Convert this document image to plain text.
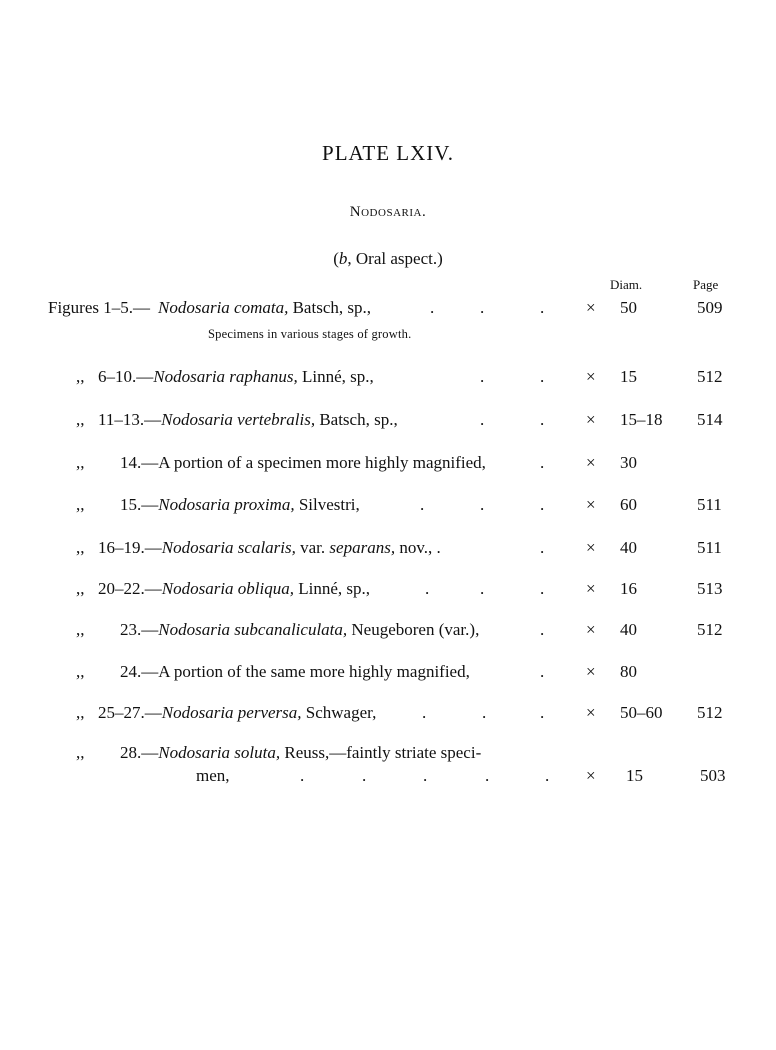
PLATE LXIV.
Nodosaria.
(b, Oral aspect.)
Diam.	Page
Figures 1–5.— Nodosaria comata, Batsch, sp.,	.	.	. × 50	509
Specimens in various stages of growth.
,, 6–10.—Nodosaria raphanus, Linné, sp.,	.	. × 15	512
,, 11–13.—Nodosaria vertebralis, Batsch, sp.,	.	. × 15–18 514
,, 14.—A portion of a specimen more highly magnified,	. × 30
,, 15.—Nodosaria proxima, Silvestri,	.	.	. × 60	511
,, 16–19.—Nodosaria scalaris, var. separans, nov., .	. × 40	511
,, 20–22.—Nodosaria obliqua, Linné, sp.,	.	.	. × 16	513
,, 23.—Nodosaria subcanaliculata, Neugeboren (var.),	. × 40	512
,, 24.—A portion of the same more highly magnified,	. × 80
,, 25–27.—Nodosaria perversa, Schwager,	.	.	. × 50–60 512
,, 28.—Nodosaria soluta, Reuss,—faintly striate speci-
men,	.	.	.	.	. × 15	503
